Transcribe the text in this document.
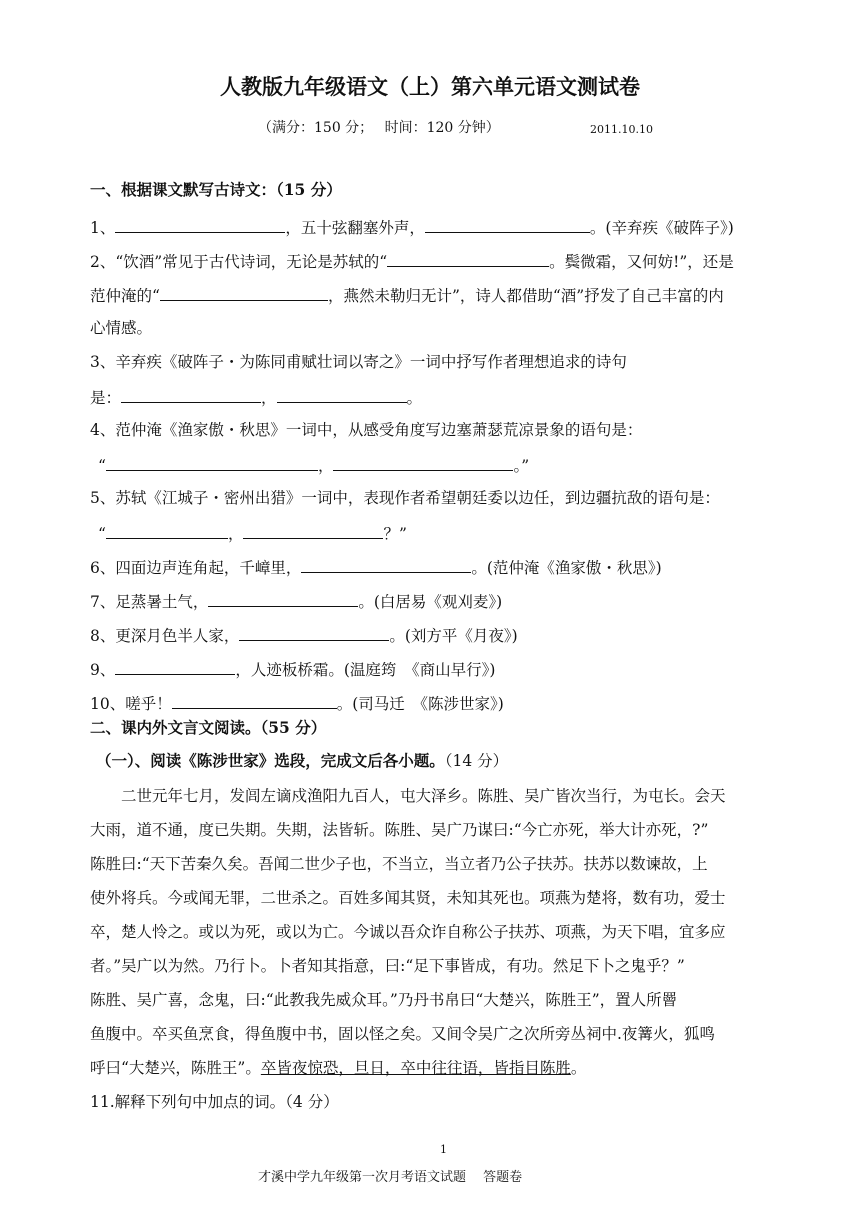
人教版九年级语文（上）第六单元语文测试卷
（满分：150 分；　 时间：120 分钟）	2011.10.10
一、根据课文默写古诗文：（15 分）
1、	，五十弦翻塞外声，	。(辛弃疾《破阵子》)
2、“饮酒”常见于古代诗词，无论是苏轼的“	。鬓微霜，又何妨!”，还是
范仲淹的“	，燕然未勒归无计”，诗人都借助“酒”抒发了自己丰富的内
心情感。
3、辛弃疾《破阵子・为陈同甫赋壮词以寄之》一词中抒写作者理想追求的诗句
是：	，	。
4、范仲淹《渔家傲・秋思》一词中，从感受角度写边塞萧瑟荒凉景象的语句是：
“	，	。”
5、苏轼《江城子・密州出猎》一词中，表现作者希望朝廷委以边任，到边疆抗敌的语句是：
“	，	？”
6、四面边声连角起，千嶂里，	。(范仲淹《渔家傲・秋思》)
7、足蒸暑土气，	。(白居易《观刈麦》)
8、更深月色半人家，	。(刘方平《月夜》)
9、	，人迹板桥霜。(温庭筠　《商山早行》)
10、嗟乎！	。(司马迁　《陈涉世家》)
二、课内外文言文阅读。（55 分）
（一）、阅读《陈涉世家》选段，完成文后各小题。（14 分）
　　二世元年七月，发闾左谪戍渔阳九百人，屯大泽乡。陈胜、吴广皆次当行，为屯长。会天
大雨，道不通，度已失期。失期，法皆斩。陈胜、吴广乃谋曰:“今亡亦死，举大计亦死，?”
陈胜曰:“天下苦秦久矣。吾闻二世少子也，不当立，当立者乃公子扶苏。扶苏以数谏故，上
使外将兵。今或闻无罪，二世杀之。百姓多闻其贤，未知其死也。项燕为楚将，数有功，爱士
卒，楚人怜之。或以为死，或以为亡。今诚以吾众诈自称公子扶苏、项燕，为天下唱，宜多应
者。”吴广以为然。乃行卜。卜者知其指意，曰:“足下事皆成，有功。然足下卜之鬼乎？”
陈胜、吴广喜，念鬼，曰:“此教我先威众耳。”乃丹书帛曰“大楚兴，陈胜王”，置人所罾
鱼腹中。卒买鱼烹食，得鱼腹中书，固以怪之矣。又间令吴广之次所旁丛祠中.夜篝火，狐鸣
呼曰“大楚兴，陈胜王”。卒皆夜惊恐，旦日，卒中往往语，皆指目陈胜。
11.解释下列句中加点的词。（4 分）
1
才溪中学九年级第一次月考语文试题　 答题卷
